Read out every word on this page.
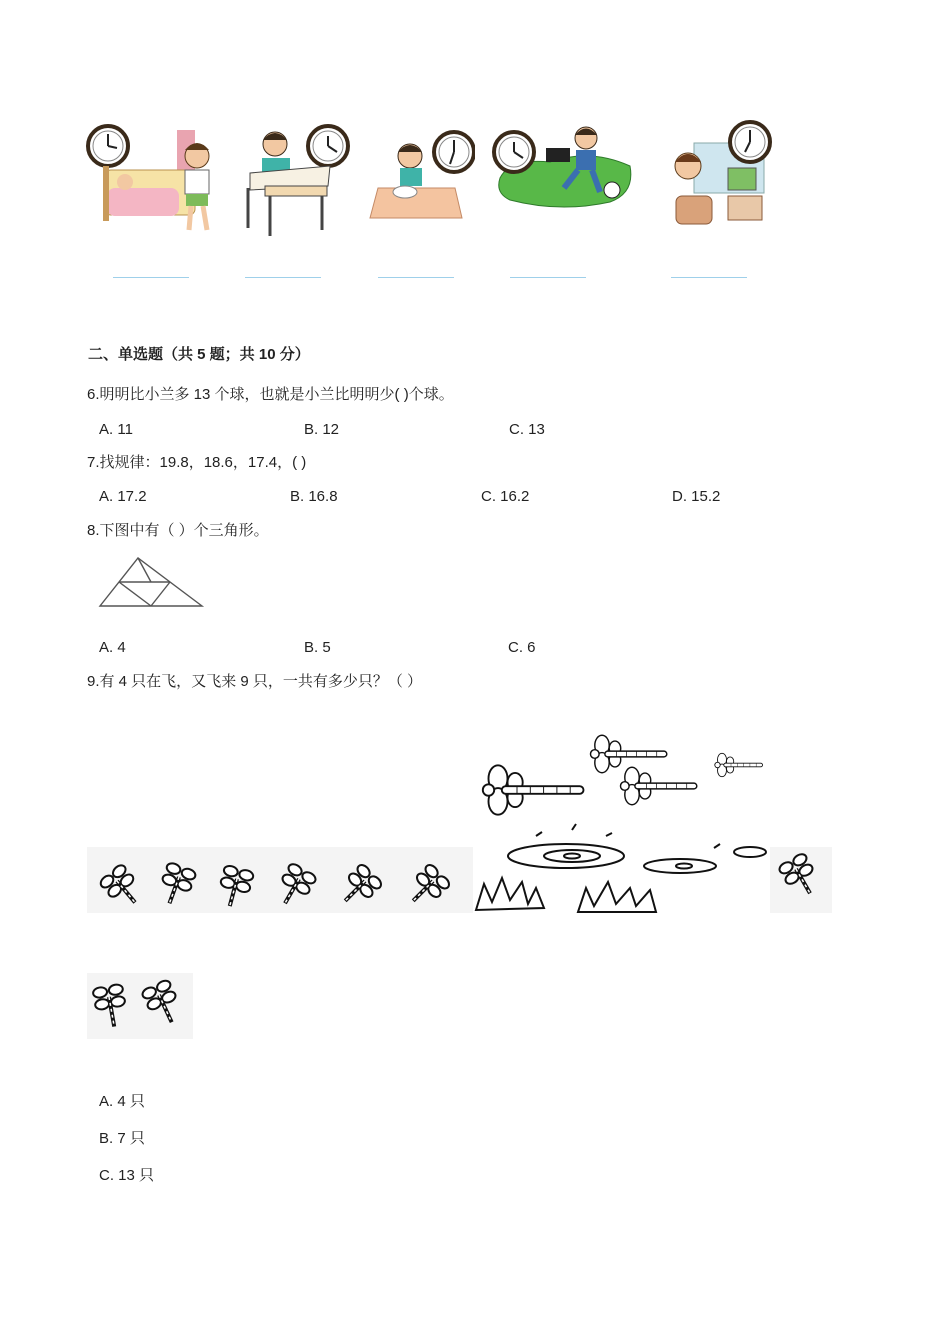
二、单选题（共 5 题；共 10 分）
6.明明比小兰多 13 个球，也就是小兰比明明少( )个球。
A. 11	B. 12	C. 13
7.找规律：19.8，18.6，17.4，( )
A. 17.2	B. 16.8	C. 16.2	D. 15.2
8.下图中有（ ）个三角形。
A. 4	B. 5	C. 6
9.有 4 只在飞，又飞来 9 只，一共有多少只？（ ）
A. 4 只
B. 7 只
C. 13 只
